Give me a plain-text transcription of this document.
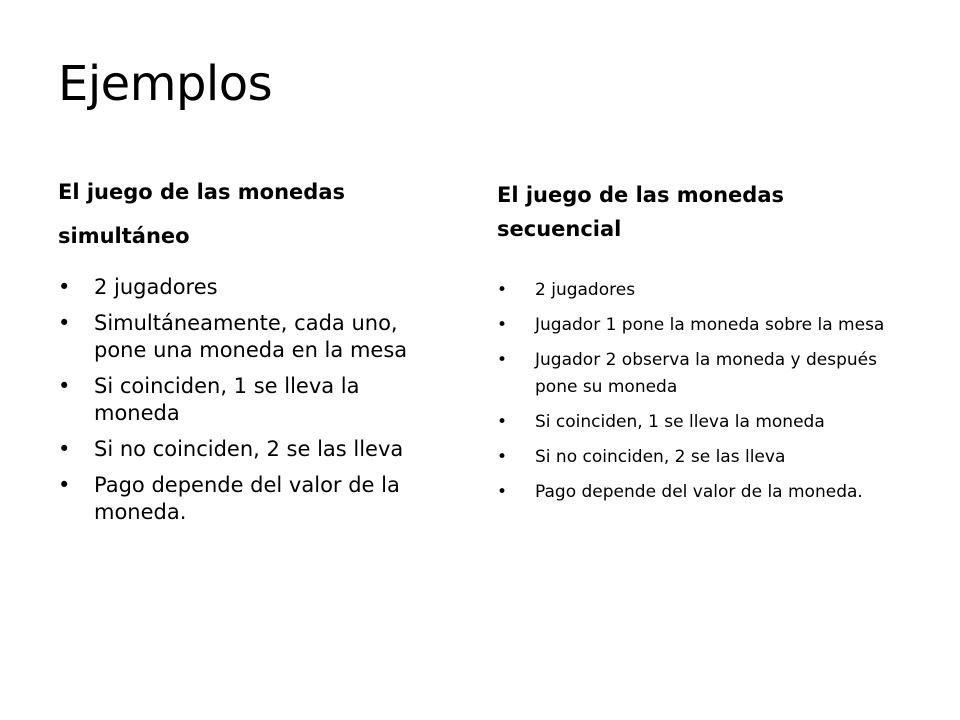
Ejemplos
El juego de las monedas
simultáneo
El juego de las monedas
secuencial
• 2 jugadores
• Simultáneamente, cada uno, pone una moneda en la mesa
• Si coinciden, 1 se lleva la moneda
• Si no coinciden, 2 se las lleva
• Pago depende del valor de la moneda.
• 2 jugadores
• Jugador 1 pone la moneda sobre la mesa
• Jugador 2 observa la moneda y después pone su moneda
• Si coinciden, 1 se lleva la moneda
• Si no coinciden, 2 se las lleva
• Pago depende del valor de la moneda.
